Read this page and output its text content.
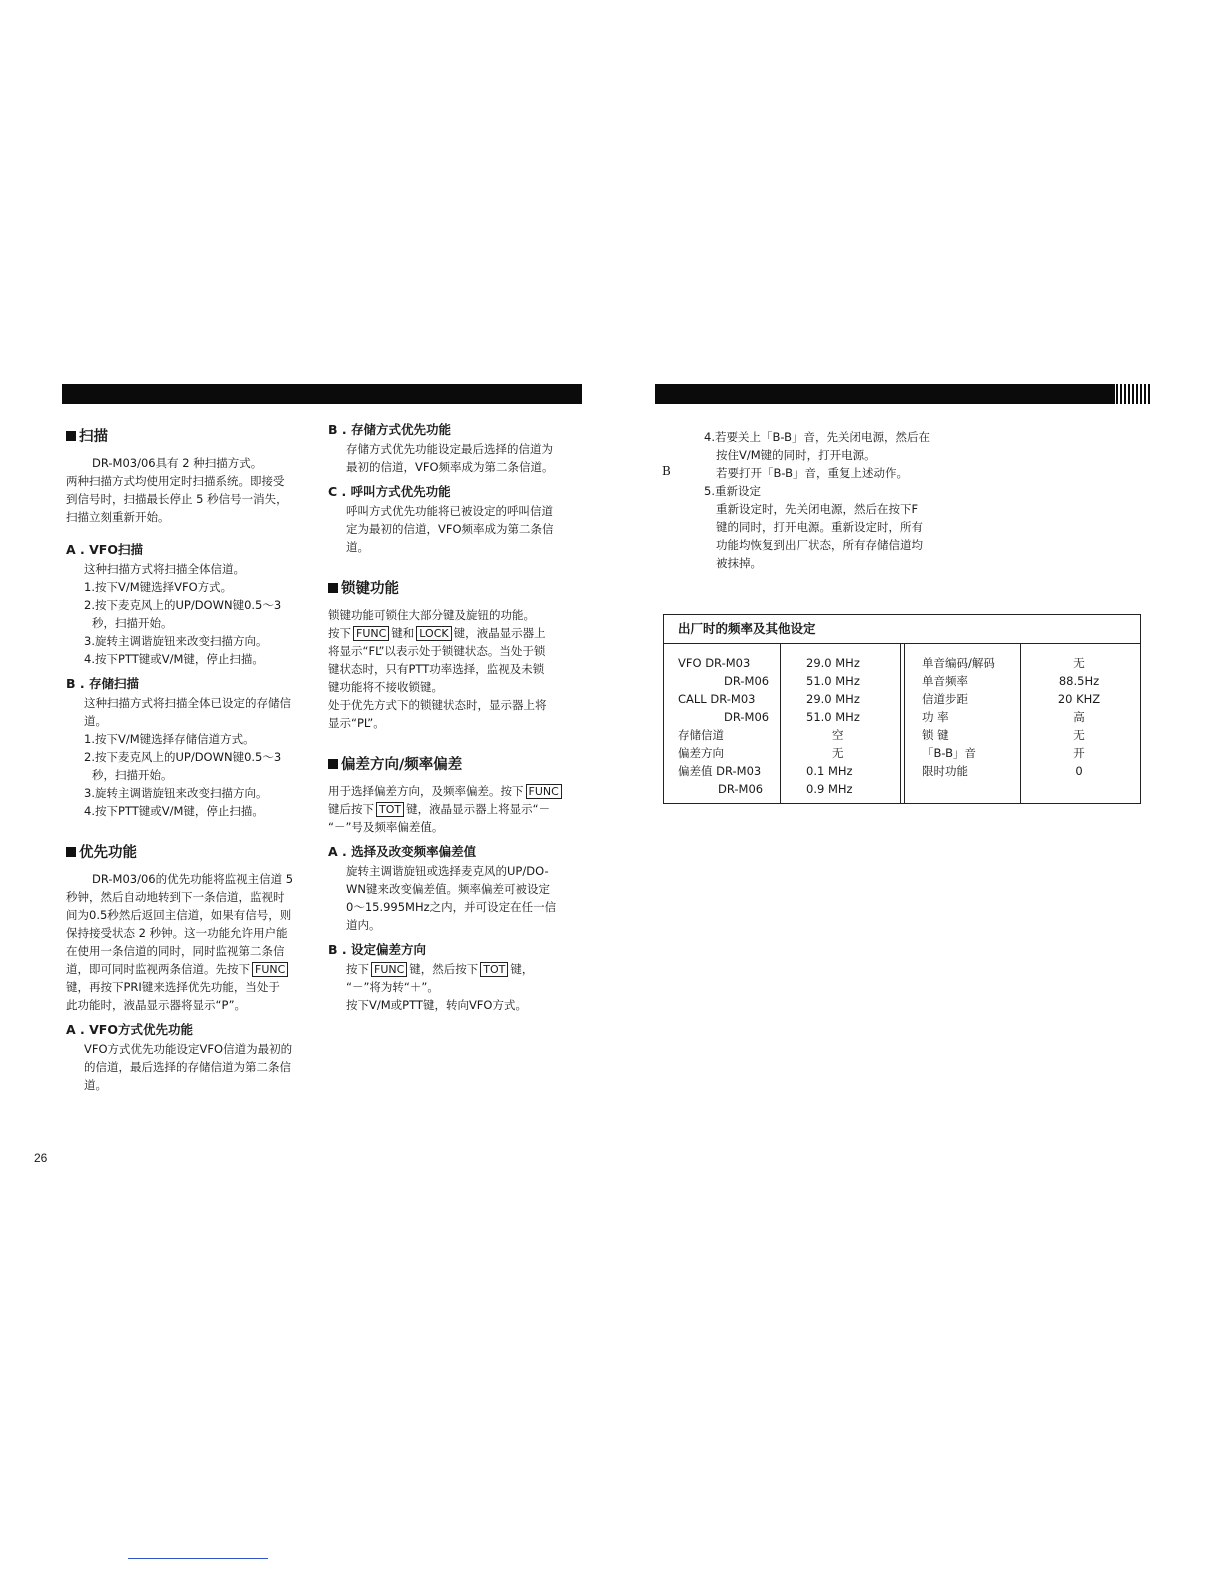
扫描

DR-M03/06具有 2 种扫描方式。

两种扫描方式均使用定时扫描系统。即接受

到信号时，扫描最长停止 5 秒信号一消失，

扫描立刻重新开始。

A . VFO扫描

这种扫描方式将扫描全体信道。

1.按下V/M键选择VFO方式。

2.按下麦克风上的UP/DOWN键0.5～3

秒，扫描开始。

3.旋转主调谐旋钮来改变扫描方向。

4.按下PTT键或V/M键，停止扫描。

B . 存储扫描

这种扫描方式将扫描全体已设定的存储信

道。

1.按下V/M键选择存储信道方式。

2.按下麦克风上的UP/DOWN键0.5～3

秒，扫描开始。

3.旋转主调谐旋钮来改变扫描方向。

4.按下PTT键或V/M键，停止扫描。

优先功能

DR-M03/06的优先功能将监视主信道 5

秒钟，然后自动地转到下一条信道，监视时

间为0.5秒然后返回主信道，如果有信号，则

保持接受状态 2 秒钟。这一功能允许用户能

在使用一条信道的同时，同时监视第二条信

道，即可同时监视两条信道。先按下 FUNC

键，再按下PRI键来选择优先功能，当处于

此功能时，液晶显示器将显示“P”。

A . VFO方式优先功能

VFO方式优先功能设定VFO信道为最初的

的信道，最后选择的存储信道为第二条信

道。

B . 存储方式优先功能

存储方式优先功能设定最后选择的信道为

最初的信道，VFO频率成为第二条信道。

C . 呼叫方式优先功能

呼叫方式优先功能将已被设定的呼叫信道

定为最初的信道，VFO频率成为第二条信

道。

锁键功能

锁键功能可锁住大部分键及旋钮的功能。

按下 FUNC 键和 LOCK 键，液晶显示器上

将显示“FL”以表示处于锁键状态。当处于锁

键状态时，只有PTT功率选择，监视及未锁

键功能将不接收锁键。

处于优先方式下的锁键状态时，显示器上将

显示“PL”。

偏差方向/频率偏差

用于选择偏差方向，及频率偏差。按下 FUNC

键后按下 TOT 键，液晶显示器上将显示“－

“－”号及频率偏差值。

A . 选择及改变频率偏差值

旋转主调谐旋钮或选择麦克风的UP/DO-

WN键来改变偏差值。频率偏差可被设定

0～15.995MHz之内，并可设定在任一信

道内。

B . 设定偏差方向

按下 FUNC 键，然后按下 TOT 键，

“－”将为转“＋”。

按下V/M或PTT键，转向VFO方式。

B

4.若要关上「B-B」音，先关闭电源，然后在

按住V/M键的同时，打开电源。

若要打开「B-B」音，重复上述动作。

5.重新设定

重新设定时，先关闭电源，然后在按下F

键的同时，打开电源。重新设定时，所有

功能均恢复到出厂状态，所有存储信道均

被抹掉。

出厂时的频率及其他设定
VFO DR-M03
DR-M06
CALL DR-M03
DR-M06
存储信道
偏差方向
偏差值 DR-M03
DR-M06
29.0 MHz
51.0 MHz
29.0 MHz
51.0 MHz
空
无
0.1 MHz
0.9 MHz
单音编码/解码
单音频率
信道步距
功 率
锁 键
「B-B」音
限时功能
无
88.5Hz
20 KHZ
高
无
开
0
26
